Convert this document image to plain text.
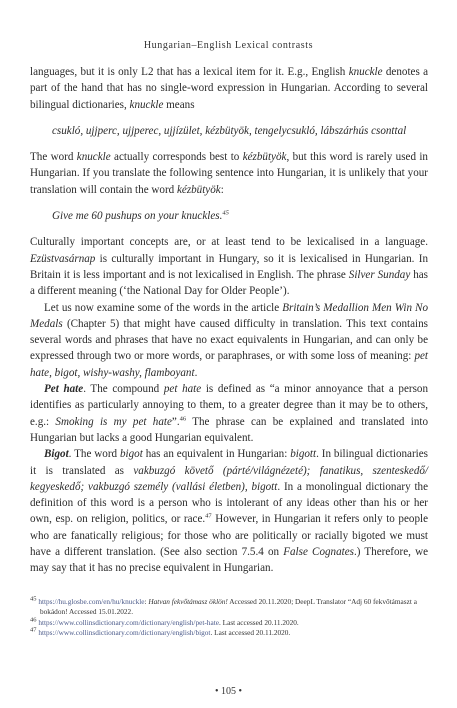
Hungarian–English Lexical contrasts

languages, but it is only L2 that has a lexical item for it. E.g., English knuckle denotes a part of the hand that has no single-word expression in Hungarian. According to several bilingual dictionaries, knuckle means

csukló, ujjperc, ujjperec, ujjízület, kézbütyök, tengelycsukló, lábszárhús csonttal

The word knuckle actually corresponds best to kézbütyök, but this word is rarely used in Hungarian. If you translate the following sentence into Hungarian, it is unlikely that your translation will contain the word kézbütyök:

Give me 60 pushups on your knuckles.$^{45}$

Culturally important concepts are, or at least tend to be lexicalised in a language. Ezüstvasárnap is culturally important in Hungary, so it is lexicalised in Hungarian. In Britain it is less important and is not lexicalised in English. The phrase Silver Sunday has a different meaning (‘the National Day for Older People’).

Let us now examine some of the words in the article Britain’s Medallion Men Win No Medals (Chapter 5) that might have caused difficulty in translation. This text contains several words and phrases that have no exact equivalents in Hungarian, and can only be expressed through two or more words, or paraphrases, or with some loss of meaning: pet hate, bigot, wishy-washy, flamboyant.

Pet hate. The compound pet hate is defined as “a minor annoyance that a person identifies as particularly annoying to them, to a greater degree than it may be to others, e.g.: Smoking is my pet hate”.$^{46}$ The phrase can be explained and translated into Hungarian but lacks a good Hungarian equivalent.

Bigot. The word bigot has an equivalent in Hungarian: bigott. In bilingual dictionaries it is translated as vakbuzgó követő (párté/világnézeté); fanatikus, szenteskedő/ kegyeskedő; vakbuzgó személy (vallási életben), bigott. In a monolingual dictionary the definition of this word is a person who is intolerant of any ideas other than his or her own, esp. on religion, politics, or race.$^{47}$ However, in Hungarian it refers only to people who are fanatically religious; for those who are politically or racially bigoted we must have a different translation. (See also section 7.5.4 on False Cognates.) Therefore, we may say that it has no precise equivalent in Hungarian.

$^{45}$ https://hu.glosbe.com/en/hu/knuckle: Hatvan fekvőtámasz öklön! Accessed 20.11.2020; DeepL Translator “Adj 60 fekvőtámaszt a bokádon! Accessed 15.01.2022.

$^{46}$ https://www.collinsdictionary.com/dictionary/english/pet-hate. Last accessed 20.11.2020.

$^{47}$ https://www.collinsdictionary.com/dictionary/english/bigot. Last accessed 20.11.2020.

• 105 •
